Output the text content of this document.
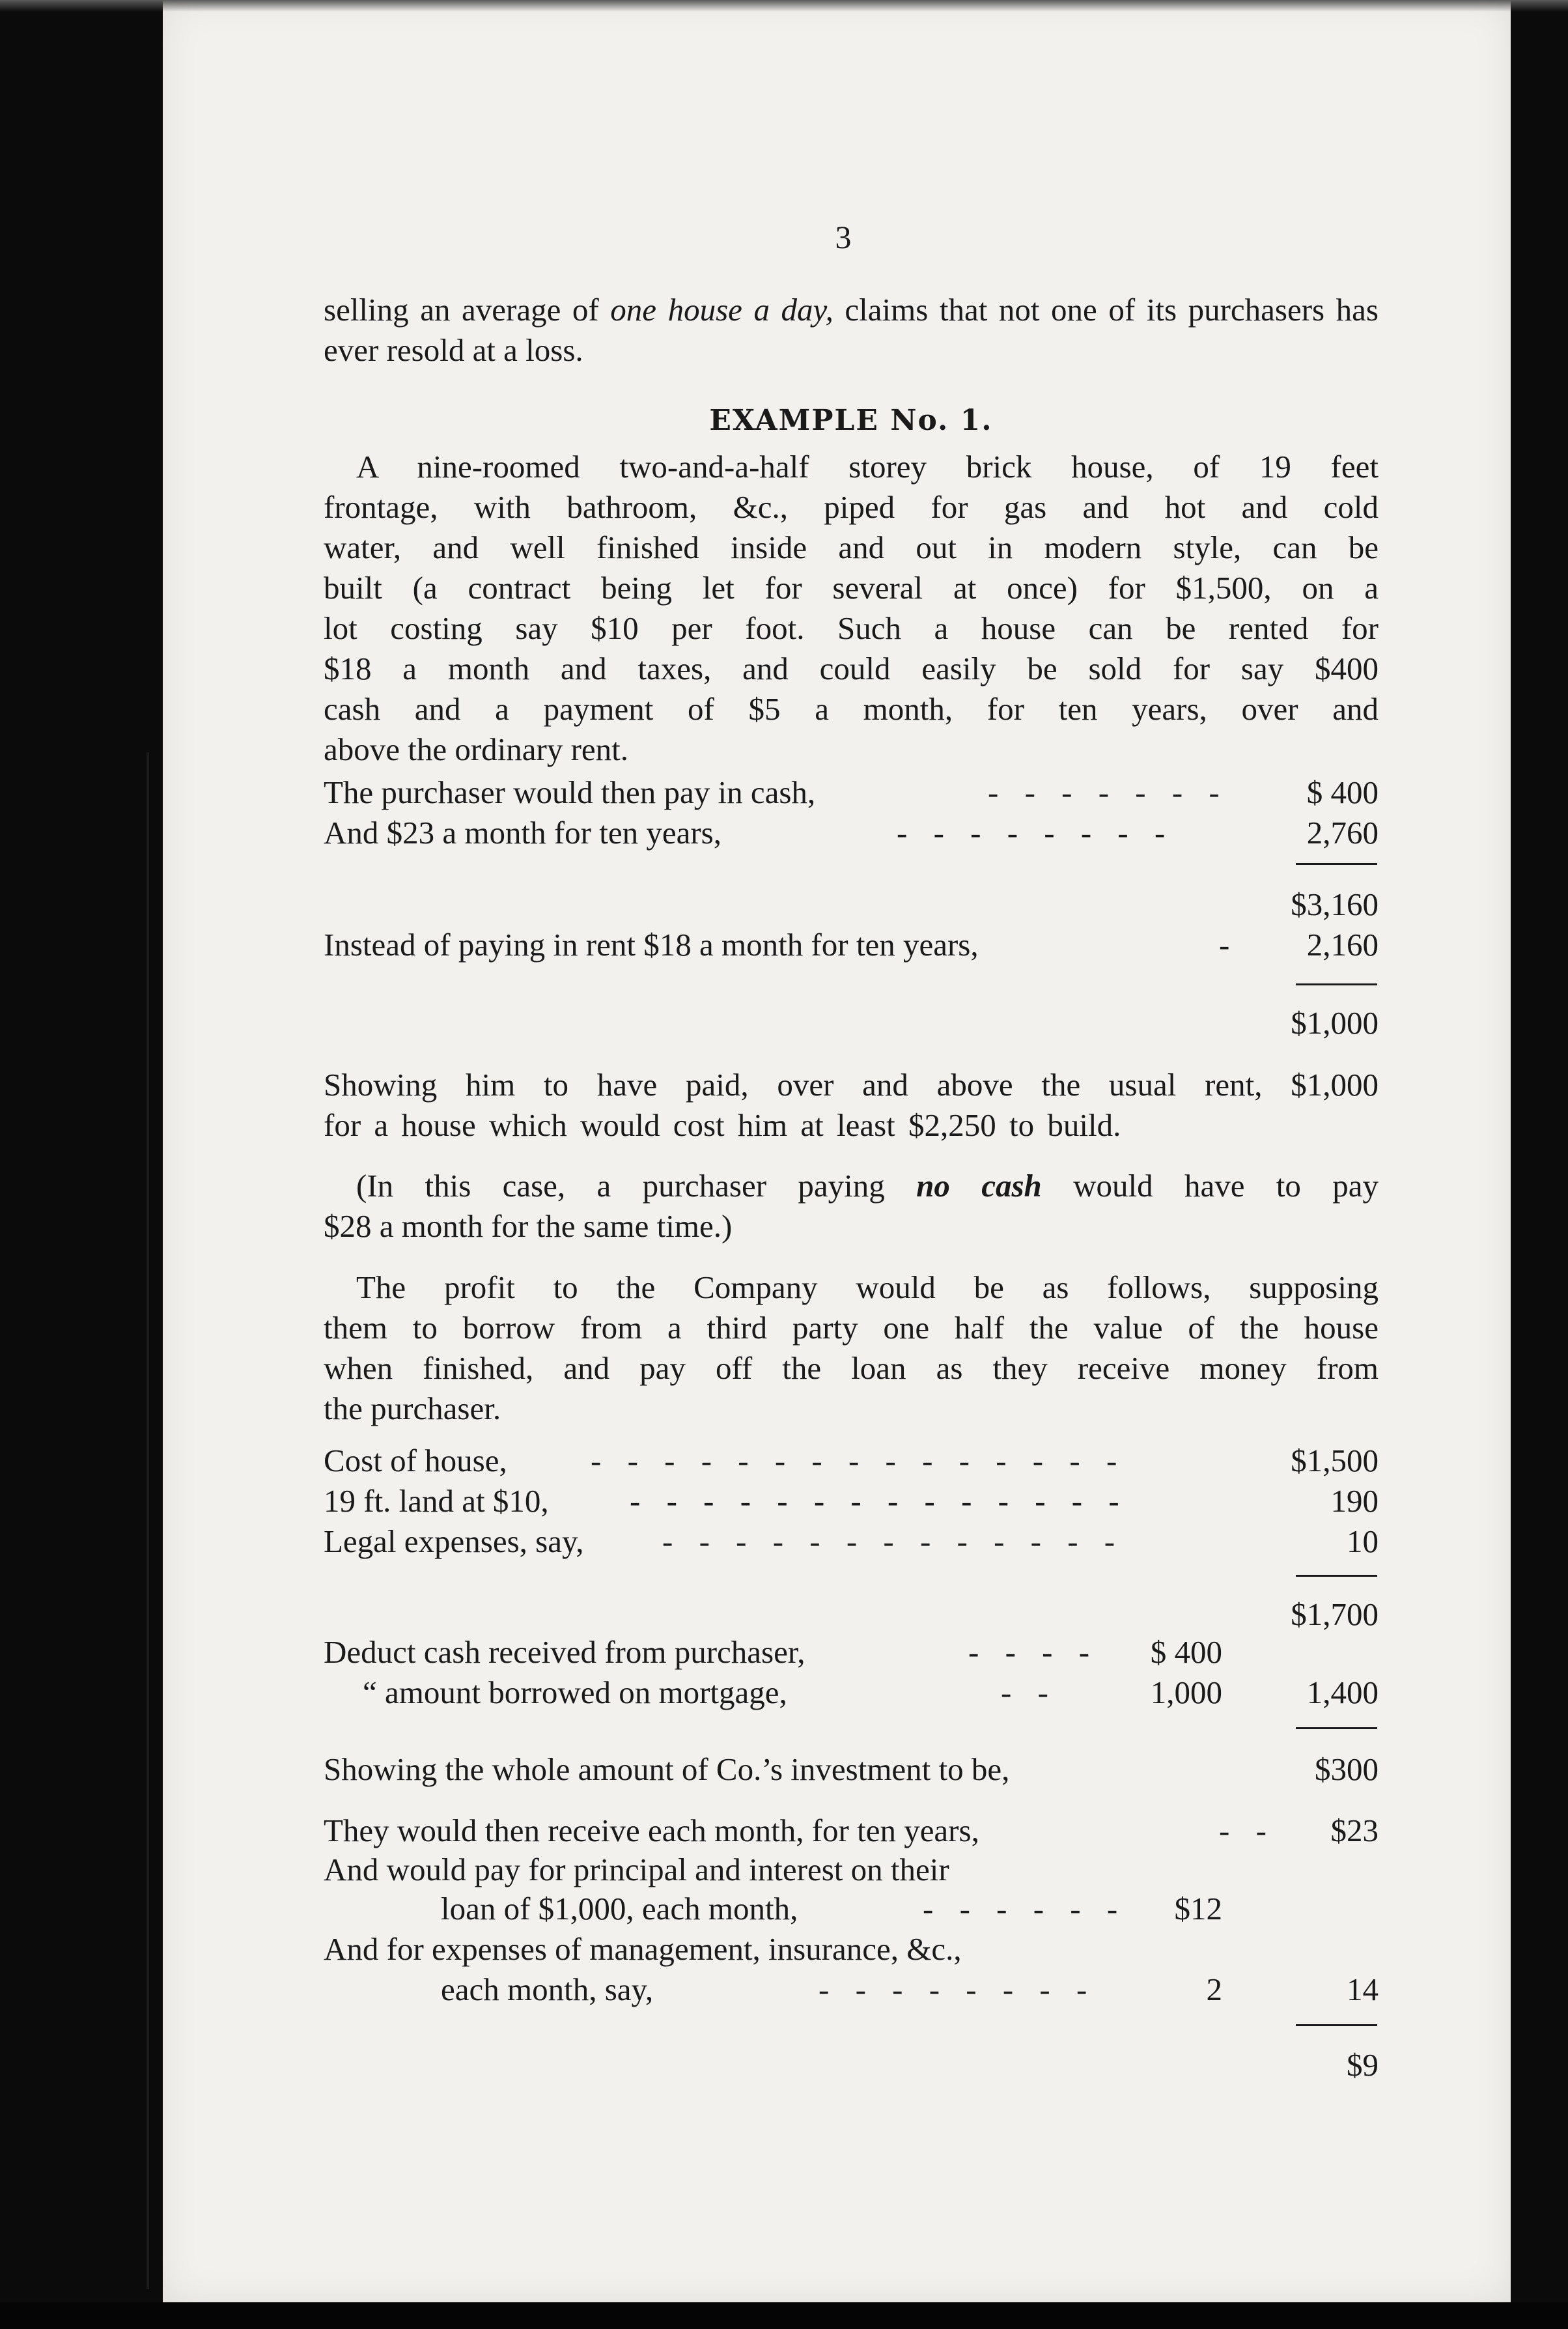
3
selling an average of one house a day, claims that not one of its purchasers has ever resold at a loss.
EXAMPLE No. 1.
A nine-roomed two-and-a-half storey brick house, of 19 feet
frontage, with bathroom, &c., piped for gas and hot and cold
water, and well finished inside and out in modern style, can be
built (a contract being let for several at once) for $1,500, on a
lot costing say $10 per foot. Such a house can be rented for
$18 a month and taxes, and could easily be sold for say $400
cash and a payment of $5 a month, for ten years, over and
above the ordinary rent.
The purchaser would then pay in cash,	- - - - - - - $ 400
And $23 a month for ten years,	- - - - - - - -	2,760
$3,160
Instead of paying in rent $18 a month for ten years,	- 2,160
$1,000
Showing him to have paid, over and above the usual rent, $1,000
for a house which would cost him at least $2,250 to build.
(In this case, a purchaser paying no cash would have to pay
$28 a month for the same time.)
The profit to the Company would be as follows, supposing
them to borrow from a third party one half the value of the house
when finished, and pay off the loan as they receive money from
the purchaser.
Cost of house,	- - - - - - - - - - - - - - -	$1,500
19 ft. land at $10,	- - - - - - - - - - - - - -	190
Legal expenses, say, - - - - - - - - - - - - -	10
$1,700
Deduct cash received from purchaser,	- - - - $ 400
“ amount borrowed on mortgage,	- -	1,000	1,400
Showing the whole amount of Co.’s investment to be,	$300
They would then receive each month, for ten years,	- - $23
And would pay for principal and interest on their
loan of $1,000, each month,	- - - - - - $12
And for expenses of management, insurance, &c.,
each month, say,	- - - - - - - -	2	14
$9
